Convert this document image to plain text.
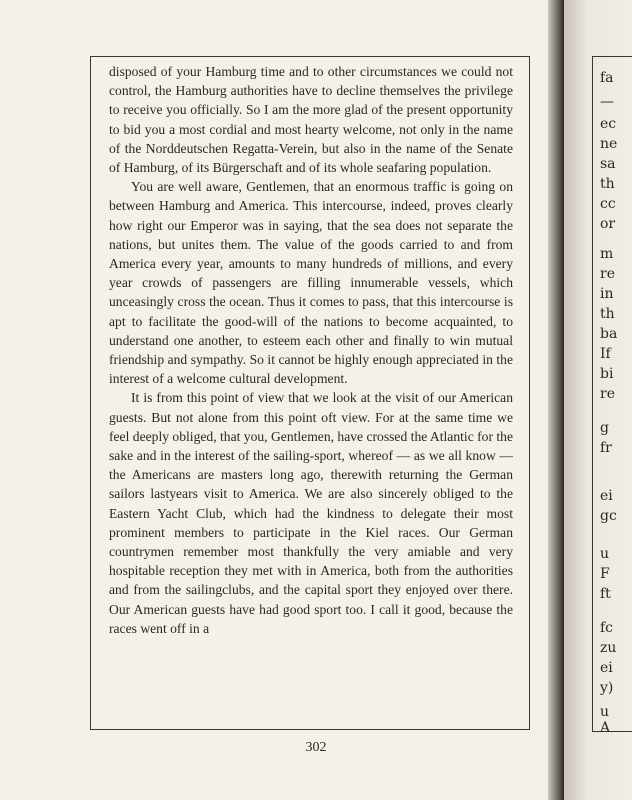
disposed of your Hamburg time and to other circumstances we could not control, the Hamburg authorities have to decline themselves the privilege to receive you officially. So I am the more glad of the present opportunity to bid you a most cordial and most hearty welcome, not only in the name of the Norddeutschen Regatta-Verein, but also in the name of the Senate of Hamburg, of its Bürgerschaft and of its whole seafaring population.

You are well aware, Gentlemen, that an enormous traffic is going on between Hamburg and America. This intercourse, indeed, proves clearly how right our Emperor was in saying, that the sea does not separate the nations, but unites them. The value of the goods carried to and from America every year, amounts to many hundreds of millions, and every year crowds of passengers are filling innumerable vessels, which unceasingly cross the ocean. Thus it comes to pass, that this intercourse is apt to facilitate the good-will of the nations to become acquainted, to understand one another, to esteem each other and finally to win mutual friendship and sympathy. So it cannot be highly enough appreciated in the interest of a welcome cultural development.

It is from this point of view that we look at the visit of our American guests. But not alone from this point oft view. For at the same time we feel deeply obliged, that you, Gentlemen, have crossed the Atlantic for the sake and in the interest of the sailing-sport, whereof — as we all know — the Americans are masters long ago, therewith returning the German sailors lastyears visit to America. We are also sincerely obliged to the Eastern Yacht Club, which had the kindness to delegate their most prominent members to participate in the Kiel races. Our German countrymen remember most thankfully the very amiable and very hospitable reception they met with in America, both from the authorities and from the sailingclubs, and the capital sport they enjoyed over there. Our American guests have had good sport too. I call it good, because the races went off in a

302
fa
—
ec
ne
sa
th
cc
or
m
re
in
th
ba
If
bi
re
g
fr
ei
gc
u
F
ft
fc
zu
ei
y)
u
A
